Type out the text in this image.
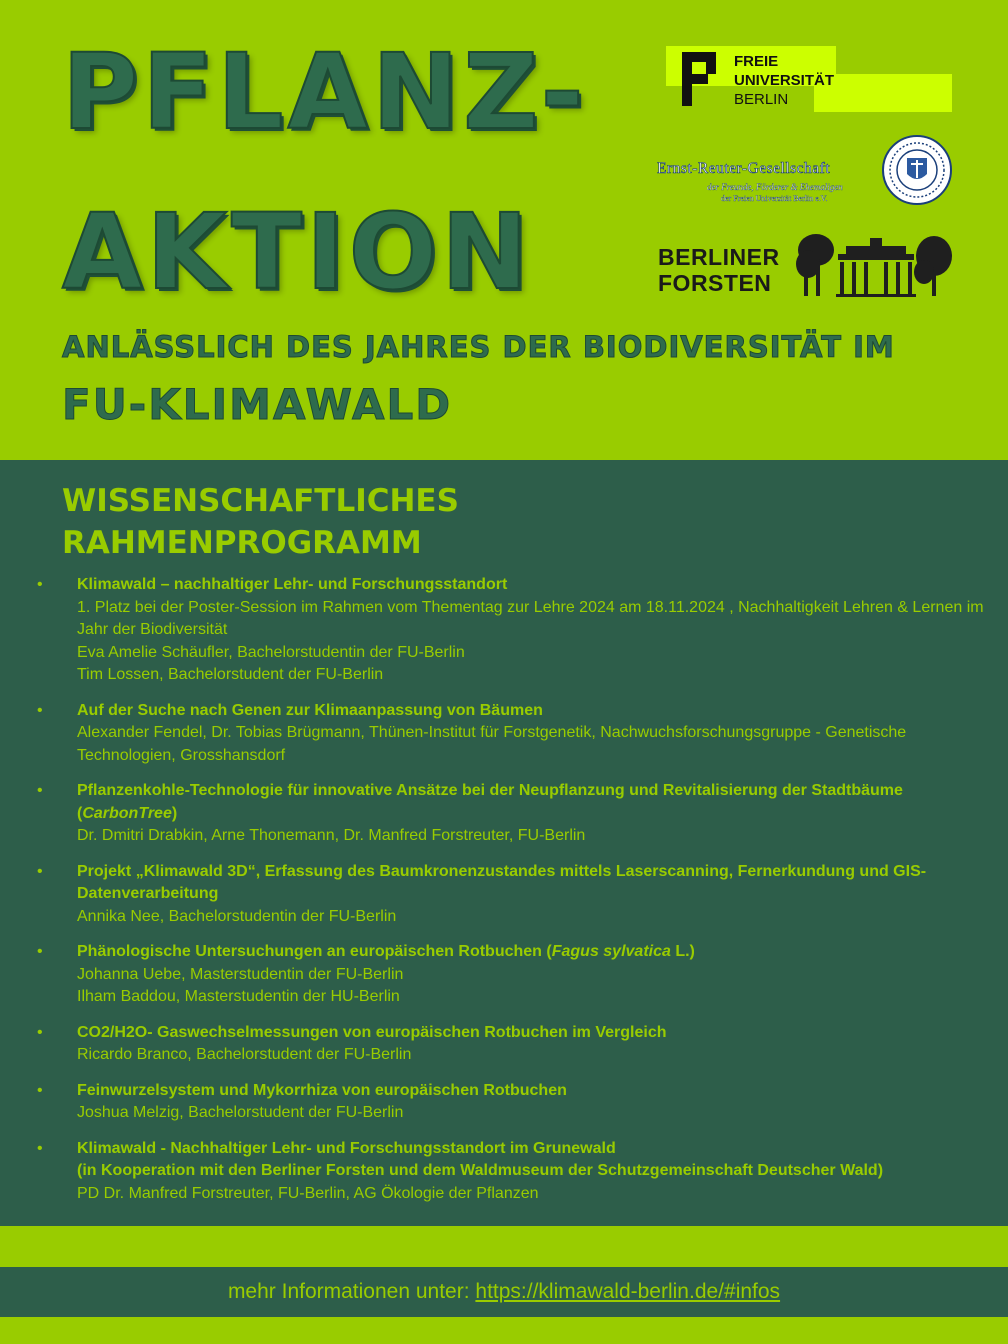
PFLANZ-
AKTION
ANLÄSSLICH DES JAHRES DER BIODIVERSITÄT IM
FU-KLIMAWALD
FREIE
UNIVERSITÄT
BERLIN
Ernst-Reuter-Gesellschaft
der Freunde, Förderer & Ehemaligen
der Freien Universität Berlin e.V.
BERLINER
FORSTEN
WISSENSCHAFTLICHES
RAHMENPROGRAMM
• Klimawald – nachhaltiger Lehr- und Forschungsstandort
1. Platz bei der Poster-Session im Rahmen vom Thementag zur Lehre 2024 am 18.11.2024 , Nachhaltigkeit Lehren & Lernen im Jahr der Biodiversität
Eva Amelie Schäufler, Bachelorstudentin der FU-Berlin
Tim Lossen, Bachelorstudent der FU-Berlin
• Auf der Suche nach Genen zur Klimaanpassung von Bäumen
Alexander Fendel, Dr. Tobias Brügmann, Thünen-Institut für Forstgenetik, Nachwuchsforschungsgruppe - Genetische Technologien, Grosshansdorf
• Pflanzenkohle-Technologie für innovative Ansätze bei der Neupflanzung und Revitalisierung der Stadtbäume (CarbonTree)
Dr. Dmitri Drabkin, Arne Thonemann, Dr. Manfred Forstreuter, FU-Berlin
• Projekt „Klimawald 3D“, Erfassung des Baumkronenzustandes mittels Laserscanning, Fernerkundung und GIS-Datenverarbeitung
Annika Nee, Bachelorstudentin der FU-Berlin
• Phänologische Untersuchungen an europäischen Rotbuchen (Fagus sylvatica L.)
Johanna Uebe, Masterstudentin der FU-Berlin
Ilham Baddou, Masterstudentin der HU-Berlin
• CO2/H2O- Gaswechselmessungen von europäischen Rotbuchen im Vergleich
Ricardo Branco, Bachelorstudent der FU-Berlin
• Feinwurzelsystem und Mykorrhiza von europäischen Rotbuchen
Joshua Melzig, Bachelorstudent der FU-Berlin
• Klimawald - Nachhaltiger Lehr- und Forschungsstandort im Grunewald
(in Kooperation mit den Berliner Forsten und dem Waldmuseum der Schutzgemeinschaft Deutscher Wald)
PD Dr. Manfred Forstreuter, FU-Berlin, AG Ökologie der Pflanzen
mehr Informationen unter: https://klimawald-berlin.de/#infos
